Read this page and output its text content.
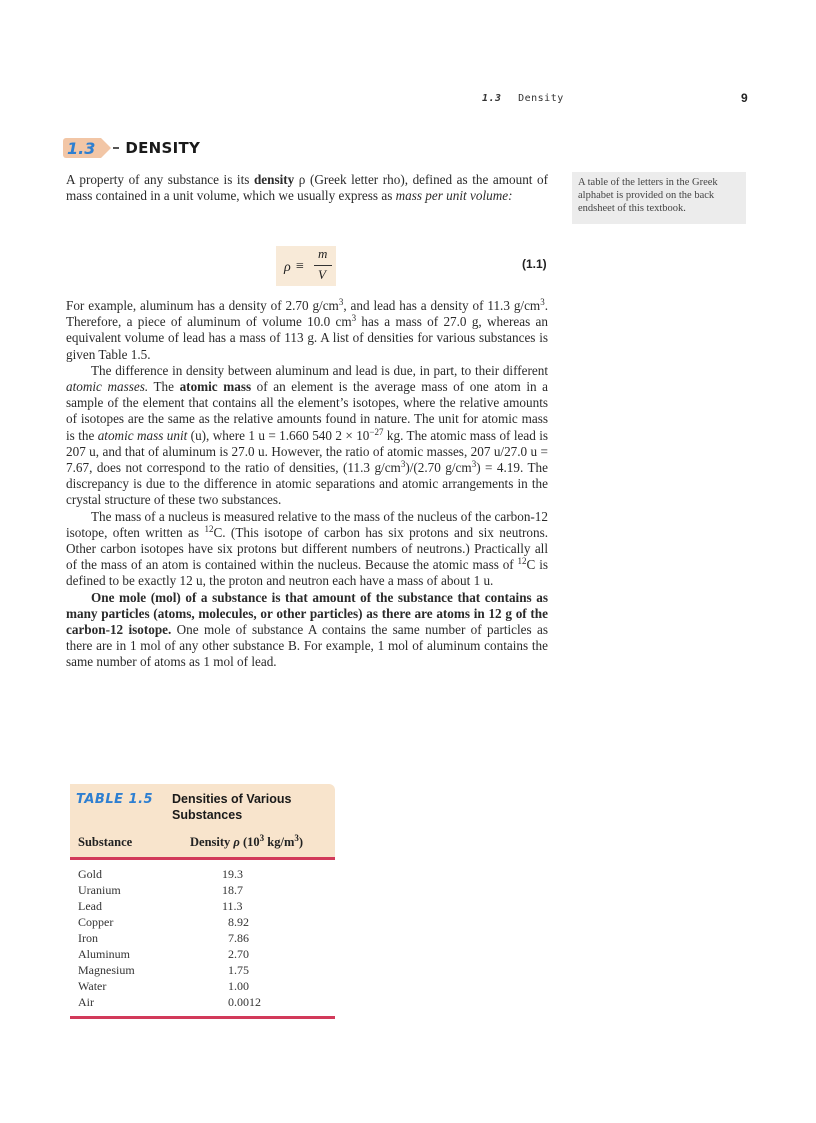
1.3 Density	9
1.3	DENSITY
A table of the letters in the Greek alphabet is provided on the back endsheet of this textbook.

A property of any substance is its density ρ (Greek letter rho), defined as the amount of mass contained in a unit volume, which we usually express as mass per unit volume:

ρ ≡
m
V
(1.1)

For example, aluminum has a density of 2.70 $g/cm^3$, and lead has a density of 11.3 $g/cm^3$. Therefore, a piece of aluminum of volume 10.0 $cm^3$ has a mass of 27.0 g, whereas an equivalent volume of lead has a mass of 113 g. A list of densities for various substances is given Table 1.5.

The difference in density between aluminum and lead is due, in part, to their different atomic masses. The atomic mass of an element is the average mass of one atom in a sample of the element that contains all the element’s isotopes, where the relative amounts of isotopes are the same as the relative amounts found in nature. The unit for atomic mass is the atomic mass unit (u), where 1 u = 1.660 540 $2 \times 10^{-27}$ kg. The atomic mass of lead is 207 u, and that of aluminum is 27.0 u. However, the ratio of atomic masses, 207 u/27.0 u = 7.67, does not correspond to the ratio of densities, (11.3 $g/cm^3)/(2.70$ $g/cm^3) = 4.19$. The discrepancy is due to the difference in atomic separations and atomic arrangements in the crystal structure of these two substances.

The mass of a nucleus is measured relative to the mass of the nucleus of the carbon-12 isotope, often written as $^{12}$C. (This isotope of carbon has six protons and six neutrons. Other carbon isotopes have six protons but different numbers of neutrons.) Practically all of the mass of an atom is contained within the nucleus. Because the atomic mass of $^{12}$C is defined to be exactly 12 u, the proton and neutron each have a mass of about 1 u.

One mole (mol) of a substance is that amount of the substance that contains as many particles (atoms, molecules, or other particles) as there are atoms in 12 g of the carbon-12 isotope. One mole of substance A contains the same number of particles as there are in 1 mol of any other substance B. For example, 1 mol of aluminum contains the same number of atoms as 1 mol of lead.

TABLE 1.5 Densities of Various Substances
Substance	Density ρ ($10^3$ $kg/m^3$)
Gold	19.3
Uranium	18.7
Lead	11.3
Copper	8.92
Iron	7.86
Aluminum	2.70
Magnesium	1.75
Water	1.00
Air	0.0012
